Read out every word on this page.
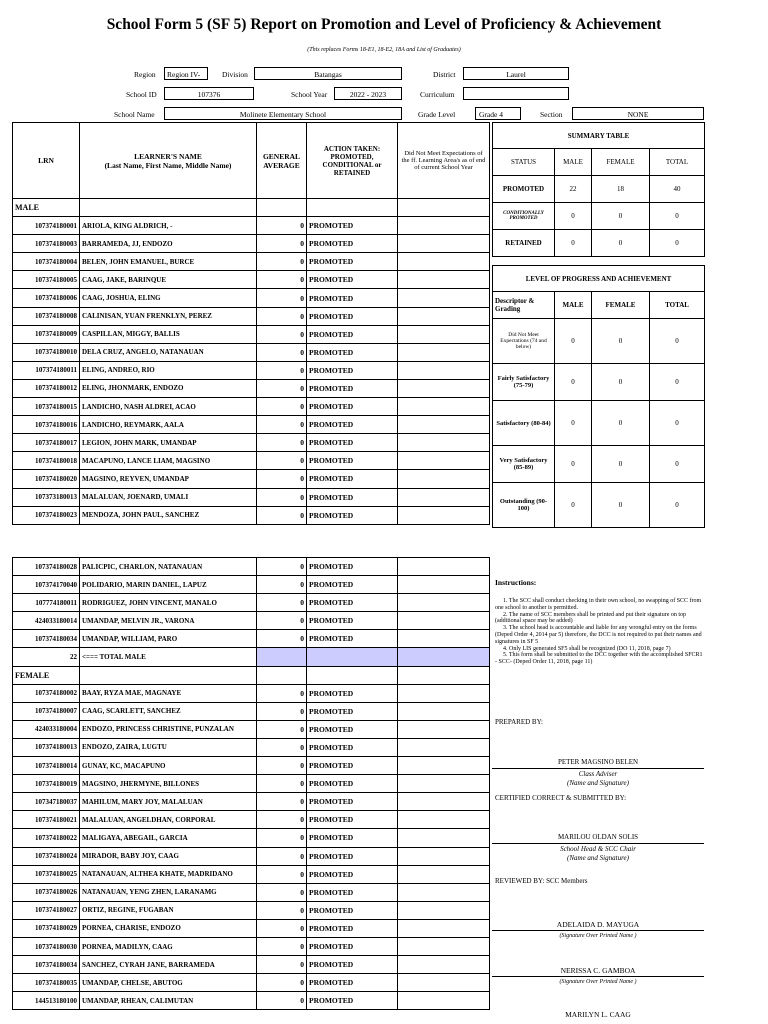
School Form 5 (SF 5) Report on Promotion and Level of Proficiency & Achievement
(This replaces Forms 18-E1, 18-E2, 18A and List of Graduates)
Region	Region IV-	Division	Batangas	District	Laurel
School ID	107376	School Year	2022 - 2023	Curriculum
School Name	Molinete Elementary School	Grade Level	Grade 4	Section	NONE
LRN	LEARNER'S NAME
(Last Name, First Name, Middle Name)
	GENERAL AVERAGE	ACTION TAKEN: PROMOTED, CONDITIONAL or RETAINED	Did Not Meet Expectations of the ff. Learning Area/s as of end of current School Year
MALE				
107374180001	ARIOLA, KING ALDRICH, -	0	PROMOTED	
107374180003	BARRAMEDA, JJ, ENDOZO	0	PROMOTED	
107374180004	BELEN, JOHN EMANUEL, BURCE	0	PROMOTED	
107374180005	CAAG, JAKE, BARINQUE	0	PROMOTED	
107374180006	CAAG, JOSHUA, ELING	0	PROMOTED	
107374180008	CALINISAN, YUAN FRENKLYN, PEREZ	0	PROMOTED	
107374180009	CASPILLAN, MIGGY, BALLIS	0	PROMOTED	
107374180010	DELA CRUZ, ANGELO, NATANAUAN	0	PROMOTED	
107374180011	ELING, ANDREO, RIO	0	PROMOTED	
107374180012	ELING, JHONMARK, ENDOZO	0	PROMOTED	
107374180015	LANDICHO, NASH ALDREI, ACAO	0	PROMOTED	
107374180016	LANDICHO, REYMARK, AALA	0	PROMOTED	
107374180017	LEGION, JOHN MARK, UMANDAP	0	PROMOTED	
107374180018	MACAPUNO, LANCE LIAM, MAGSINO	0	PROMOTED	
107374180020	MAGSINO, REYVEN, UMANDAP	0	PROMOTED	
107373180013	MALALUAN, JOENARD, UMALI	0	PROMOTED	
107374180023	MENDOZA, JOHN PAUL, SANCHEZ	0	PROMOTED	
SUMMARY TABLE			
STATUS	MALE	FEMALE	TOTAL
PROMOTED	22	18	40
CONDITIONALLY PROMOTED	0	0	0
RETAINED	0	0	0
LEVEL OF PROGRESS AND ACHIEVEMENT			
Descriptor & Grading	MALE	FEMALE	TOTAL
Did Not Meet Expectations (74 and below)	0	0	0
Fairly Satisfactory (75-79)	0	0	0
Satisfactory (80-84)	0	0	0
Very Satisfactory (85-89)	0	0	0
Outstanding (90-100)	0	0	0
107374180028	PALICPIC, CHARLON, NATANAUAN	0	PROMOTED	
107374170040	POLIDARIO, MARIN DANIEL, LAPUZ	0	PROMOTED	
107774180011	RODRIGUEZ, JOHN VINCENT, MANALO	0	PROMOTED	
424033180014	UMANDAP, MELVIN JR., VARONA	0	PROMOTED	
107374180034	UMANDAP, WILLIAM, PARO	0	PROMOTED	
22	<=== TOTAL MALE			
FEMALE				
107374180002	BAAY, RYZA MAE, MAGNAYE	0	PROMOTED	
107374180007	CAAG, SCARLETT, SANCHEZ	0	PROMOTED	
424033180004	ENDOZO, PRINCESS CHRISTINE, PUNZALAN	0	PROMOTED	
107374180013	ENDOZO, ZAIRA, LUGTU	0	PROMOTED	
107374180014	GUNAY, KC, MACAPUNO	0	PROMOTED	
107374180019	MAGSINO, JHERMYNE, BILLONES	0	PROMOTED	
107347180037	MAHILUM, MARY JOY, MALALUAN	0	PROMOTED	
107374180021	MALALUAN, ANGELDHAN, CORPORAL	0	PROMOTED	
107374180022	MALIGAYA, ABEGAIL, GARCIA	0	PROMOTED	
107374180024	MIRADOR, BABY JOY, CAAG	0	PROMOTED	
107374180025	NATANAUAN, ALTHEA KHATE, MADRIDANO	0	PROMOTED	
107374180026	NATANAUAN, YENG ZHEN, LARANAMG	0	PROMOTED	
107374180027	ORTIZ, REGINE, FUGABAN	0	PROMOTED	
107374180029	PORNEA, CHARISE, ENDOZO	0	PROMOTED	
107374180030	PORNEA, MADILYN, CAAG	0	PROMOTED	
107374180034	SANCHEZ, CYRAH JANE, BARRAMEDA	0	PROMOTED	
107374180035	UMANDAP, CHELSE, ABUTOG	0	PROMOTED	
144513180100	UMANDAP, RHEAN, CALIMUTAN	0	PROMOTED	
Instructions:
1. The SCC shall conduct checking in their own school, no swapping of SCC from one school to another is permitted.
2. The name of SCC members shall be printed and put their signature on top (additional space may be added)
3. The school head is accountable and liable for any wrongful entry on the forms (Deped Order 4, 2014 par 5) therefore, the DCC is not required to put their names and signatures in SF 5
4. Only LIS generated SF5 shall be recognized (DO 11, 2018, page 7)
5. This form shall be submitted to the DCC together with the accomplished SFCR1 - SCC- (Deped Order 11, 2018, page 11)
PREPARED BY:
PETER MAGSINO BELEN
Class Adviser
(Name and Signature)
CERTIFIED CORRECT & SUBMITTED BY:
MARILOU OLDAN SOLIS
School Head & SCC Chair
(Name and Signature)
REVIEWED BY: SCC Members
ADELAIDA D. MAYUGA
(Signature Over Printed Name )
NERISSA C. GAMBOA
(Signature Over Printed Name )
MARILYN L. CAAG
